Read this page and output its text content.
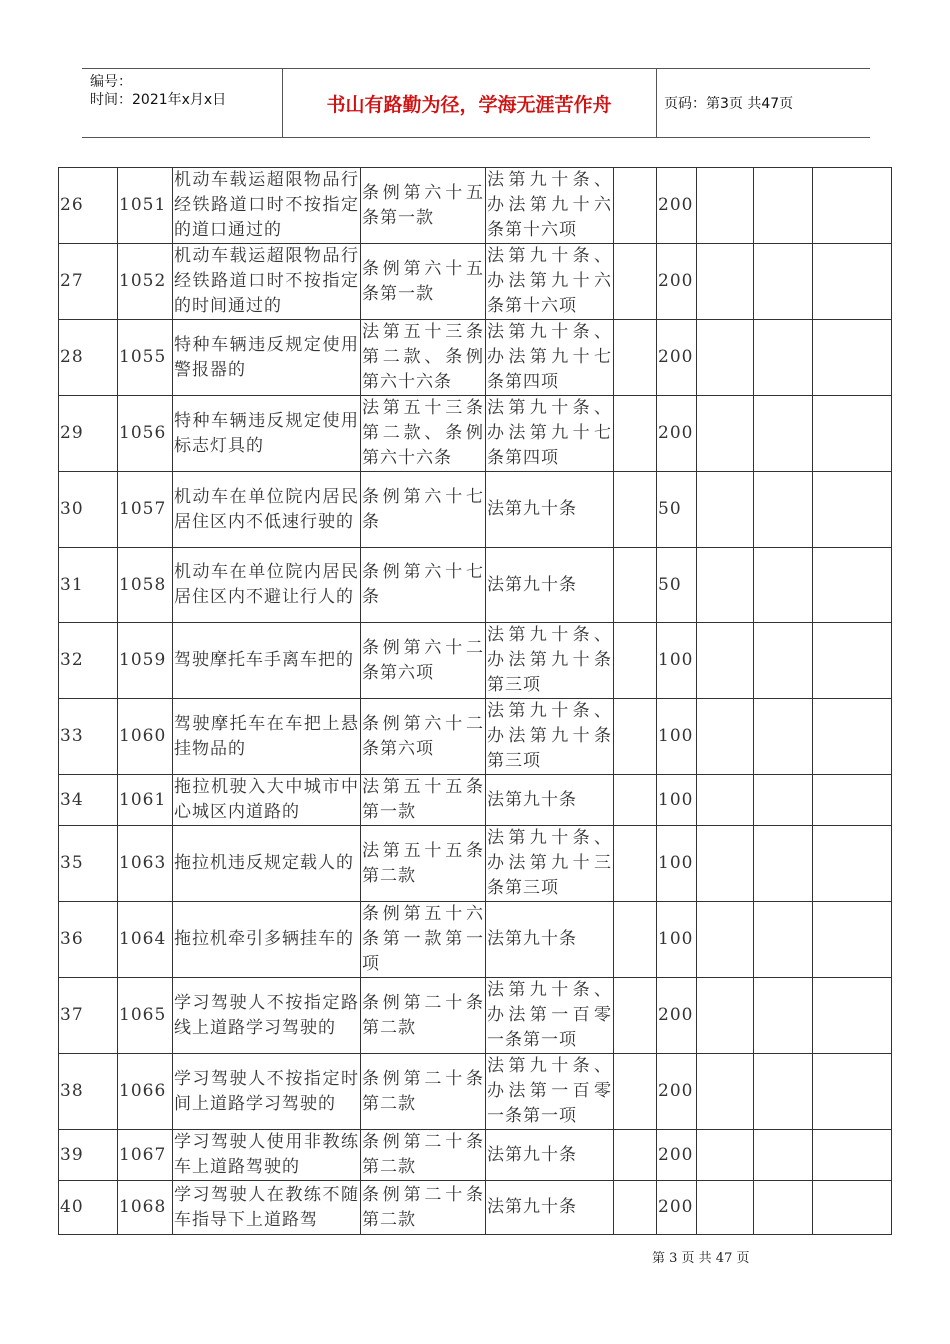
编号：
时间：2021年x月x日	书山有路勤为径，学海无涯苦作舟	页码：第3页 共47页
26	1051	机动车载运超限物品行经铁路道口时不按指定的道口通过的	条例第六十五条第一款	法第九十条、办法第九十六条第十六项		200			
27	1052	机动车载运超限物品行经铁路道口时不按指定的时间通过的	条例第六十五条第一款	法第九十条、办法第九十六条第十六项		200			
28	1055	特种车辆违反规定使用警报器的	法第五十三条第二款、条例第六十六条	法第九十条、办法第九十七条第四项		200			
29	1056	特种车辆违反规定使用标志灯具的	法第五十三条第二款、条例第六十六条	法第九十条、办法第九十七条第四项		200			
30	1057	机动车在单位院内居民居住区内不低速行驶的	条例第六十七条	法第九十条		50			
31	1058	机动车在单位院内居民居住区内不避让行人的	条例第六十七条	法第九十条		50			
32	1059	驾驶摩托车手离车把的	条例第六十二条第六项	法第九十条、办法第九十条第三项		100			
33	1060	驾驶摩托车在车把上悬挂物品的	条例第六十二条第六项	法第九十条、办法第九十条第三项		100			
34	1061	拖拉机驶入大中城市中心城区内道路的	法第五十五条第一款	法第九十条		100			
35	1063	拖拉机违反规定载人的	法第五十五条第二款	法第九十条、办法第九十三条第三项		100			
36	1064	拖拉机牵引多辆挂车的	条例第五十六条第一款第一项	法第九十条		100			
37	1065	学习驾驶人不按指定路线上道路学习驾驶的	条例第二十条第二款	法第九十条、办法第一百零一条第一项		200			
38	1066	学习驾驶人不按指定时间上道路学习驾驶的	条例第二十条第二款	法第九十条、办法第一百零一条第一项		200			
39	1067	学习驾驶人使用非教练车上道路驾驶的	条例第二十条第二款	法第九十条		200			
40	1068	学习驾驶人在教练不随车指导下上道路驾	条例第二十条第二款	法第九十条		200			
第 3 页 共 47 页
